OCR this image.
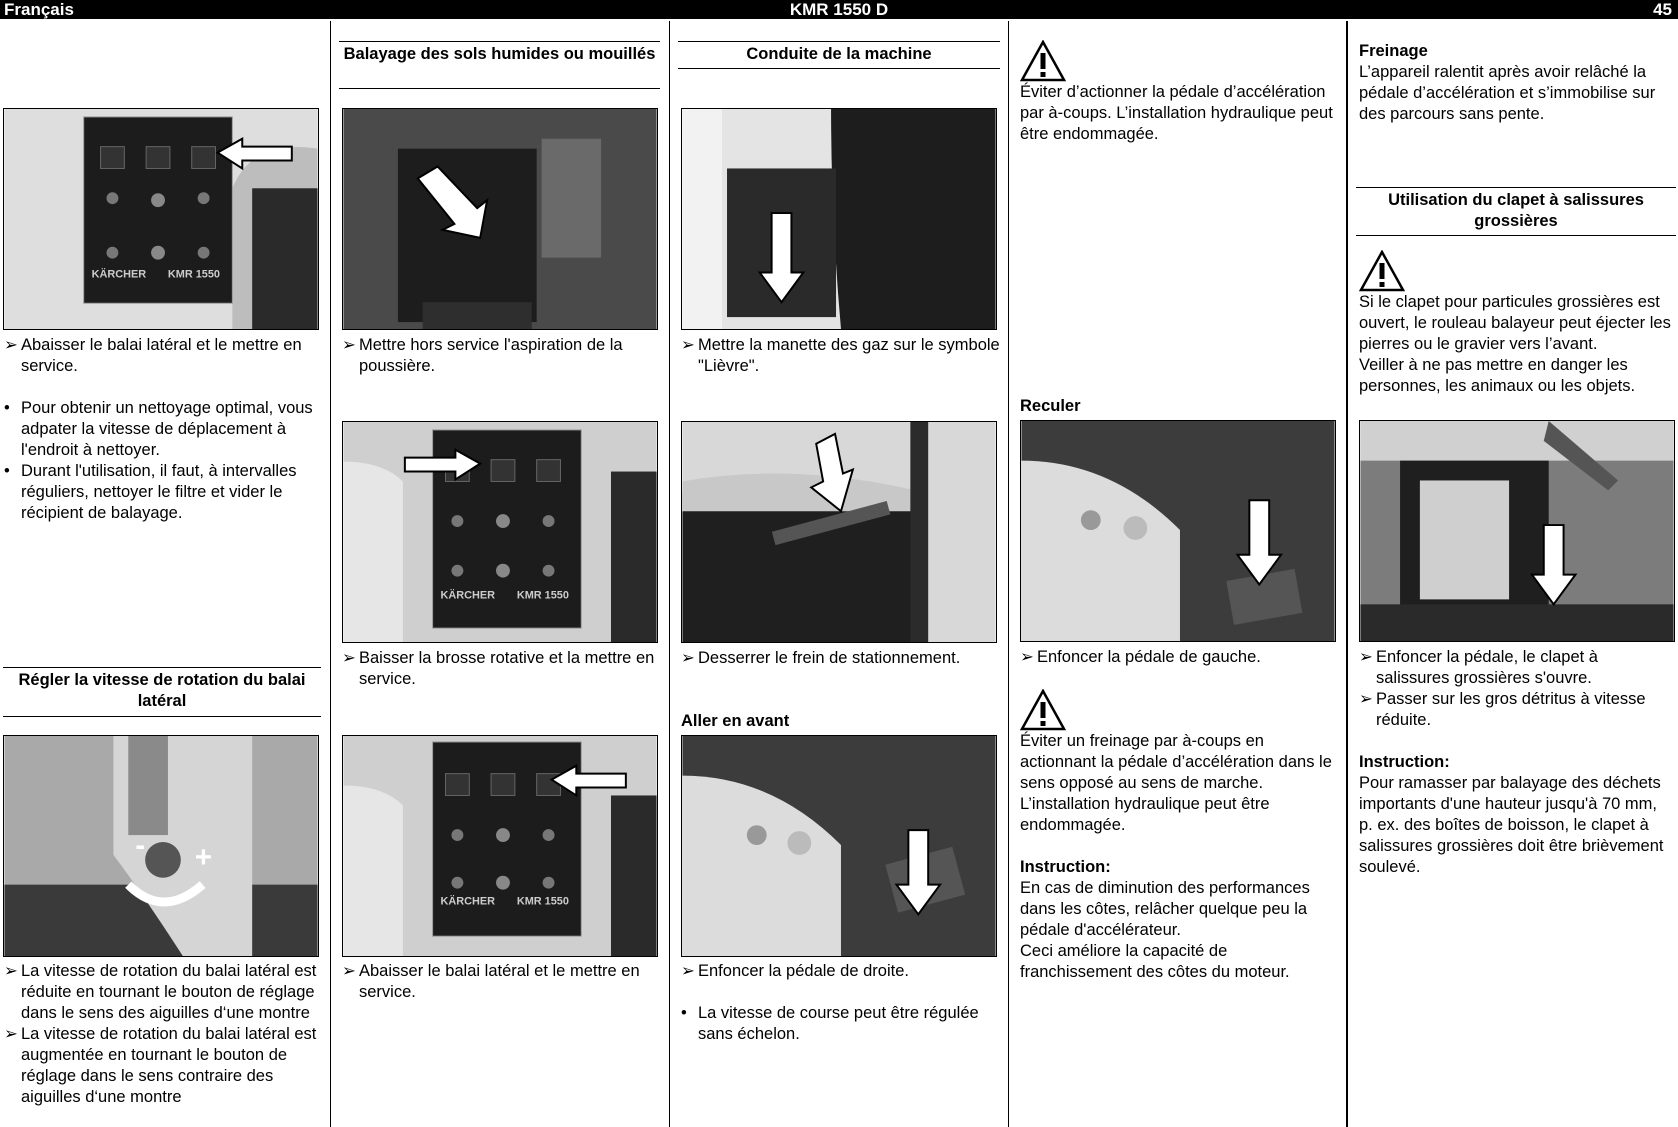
Français	KMR 1550 D	45
KÄRCHER KMR 1550
➢ Abaisser le balai latéral et le mettre en service.
• Pour obtenir un nettoyage optimal, vous adpater la vitesse de déplacement à l'endroit à nettoyer.
• Durant l'utilisation, il faut, à intervalles réguliers, nettoyer le filtre et vider le récipient de balayage.
Régler la vitesse de rotation du balai latéral
- +
➢ La vitesse de rotation du balai latéral est réduite en tournant le bouton de réglage dans le sens des aiguilles d‘une montre
➢ La vitesse de rotation du balai latéral est augmentée en tournant le bouton de réglage dans le sens contraire des aiguilles d‘une montre
Balayage des sols humides ou mouillés
➢ Mettre hors service l'aspiration de la poussière.
KÄRCHER KMR 1550
➢ Baisser la brosse rotative et la mettre en service.
KÄRCHER KMR 1550
➢ Abaisser le balai latéral et le mettre en service.
Conduite de la machine
➢ Mettre la manette des gaz sur le symbole "Lièvre".
➢ Desserrer le frein de stationnement.
Aller en avant
➢ Enfoncer la pédale de droite.
• La vitesse de course peut être régulée sans échelon.
Éviter d’actionner la pédale d’accélération par à-coups. L’installation hydraulique peut être endommagée.
Reculer
➢ Enfoncer la pédale de gauche.
Éviter un freinage par à-coups en actionnant la pédale d’accélération dans le sens opposé au sens de marche.
L’installation hydraulique peut être endommagée.
Instruction:
En cas de diminution des performances dans les côtes, relâcher quelque peu la pédale d'accélérateur.
Ceci améliore la capacité de franchissement des côtes du moteur.
Freinage
L’appareil ralentit après avoir relâché la pédale d’accélération et s’immobilise sur des parcours sans pente.
Utilisation du clapet à salissures grossières
Si le clapet pour particules grossières est ouvert, le rouleau balayeur peut éjecter les pierres ou le gravier vers l’avant.
Veiller à ne pas mettre en danger les personnes, les animaux ou les objets.
➢ Enfoncer la pédale, le clapet à salissures grossières s'ouvre.
➢ Passer sur les gros détritus à vitesse réduite.
Instruction:
Pour ramasser par balayage des déchets importants d'une hauteur jusqu'à 70 mm, p. ex. des boîtes de boisson, le clapet à salissures grossières doit être brièvement soulevé.
